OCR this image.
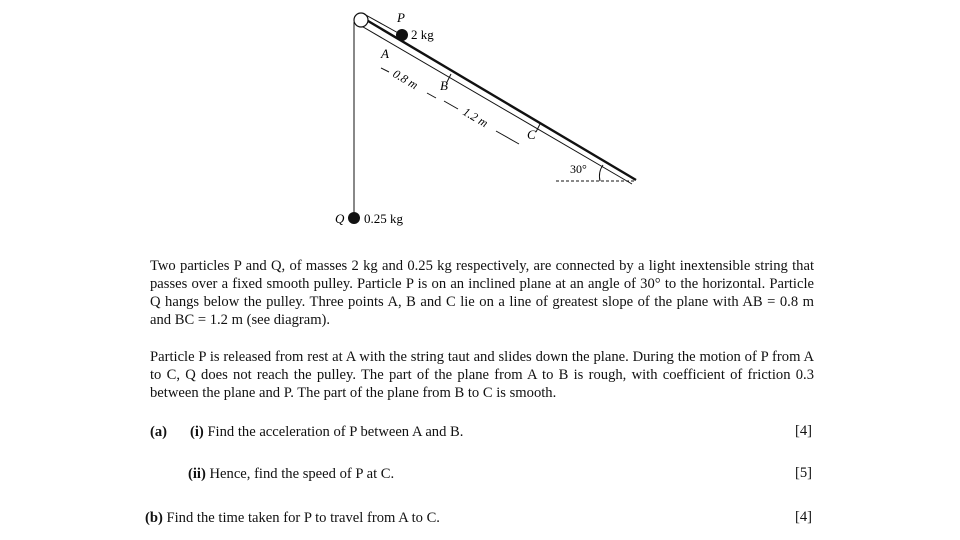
P
2 kg
Q 0.25 kg
A
B
C
0.8 m
1.2 m
30°
Two particles P and Q, of masses 2 kg and 0.25 kg respectively, are connected by a light inextensible string that passes over a fixed smooth pulley. Particle P is on an inclined plane at an angle of 30° to the horizontal. Particle Q hangs below the pulley. Three points A, B and C lie on a line of greatest slope of the plane with AB = 0.8 m and BC = 1.2 m (see diagram).
Particle P is released from rest at A with the string taut and slides down the plane. During the motion of P from A to C, Q does not reach the pulley. The part of the plane from A to B is rough, with coefficient of friction 0.3 between the plane and P. The part of the plane from B to C is smooth.
(a) (i) Find the acceleration of P between A and B.	[4]
(ii) Hence, find the speed of P at C.	[5]
(b) Find the time taken for P to travel from A to C.	[4]
